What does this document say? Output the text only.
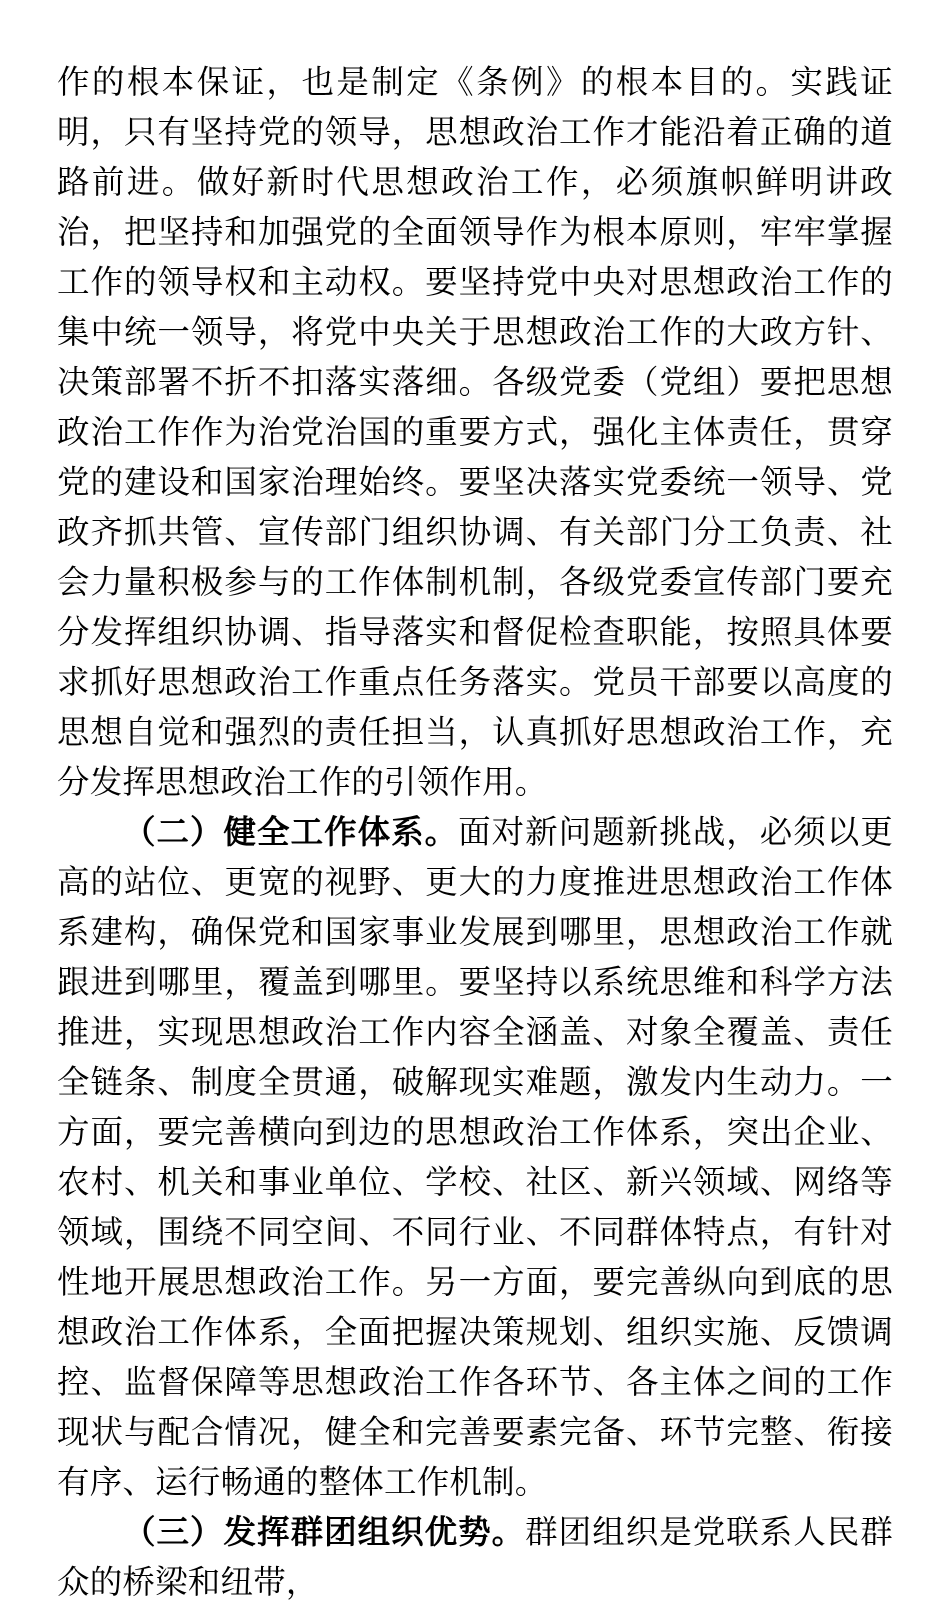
作的根本保证，也是制定《条例》的根本目的。实践证明，只有坚持党的领导，思想政治工作才能沿着正确的道路前进。做好新时代思想政治工作，必须旗帜鲜明讲政治，把坚持和加强党的全面领导作为根本原则，牢牢掌握工作的领导权和主动权。要坚持党中央对思想政治工作的集中统一领导，将党中央关于思想政治工作的大政方针、决策部署不折不扣落实落细。各级党委（党组）要把思想政治工作作为治党治国的重要方式，强化主体责任，贯穿党的建设和国家治理始终。要坚决落实党委统一领导、党政齐抓共管、宣传部门组织协调、有关部门分工负责、社会力量积极参与的工作体制机制，各级党委宣传部门要充分发挥组织协调、指导落实和督促检查职能，按照具体要求抓好思想政治工作重点任务落实。党员干部要以高度的思想自觉和强烈的责任担当，认真抓好思想政治工作，充分发挥思想政治工作的引领作用。

（二）健全工作体系。面对新问题新挑战，必须以更高的站位、更宽的视野、更大的力度推进思想政治工作体系建构，确保党和国家事业发展到哪里，思想政治工作就跟进到哪里，覆盖到哪里。要坚持以系统思维和科学方法推进，实现思想政治工作内容全涵盖、对象全覆盖、责任全链条、制度全贯通，破解现实难题，激发内生动力。一方面，要完善横向到边的思想政治工作体系，突出企业、农村、机关和事业单位、学校、社区、新兴领域、网络等领域，围绕不同空间、不同行业、不同群体特点，有针对性地开展思想政治工作。另一方面，要完善纵向到底的思想政治工作体系，全面把握决策规划、组织实施、反馈调控、监督保障等思想政治工作各环节、各主体之间的工作现状与配合情况，健全和完善要素完备、环节完整、衔接有序、运行畅通的整体工作机制。

（三）发挥群团组织优势。群团组织是党联系人民群众的桥梁和纽带，
